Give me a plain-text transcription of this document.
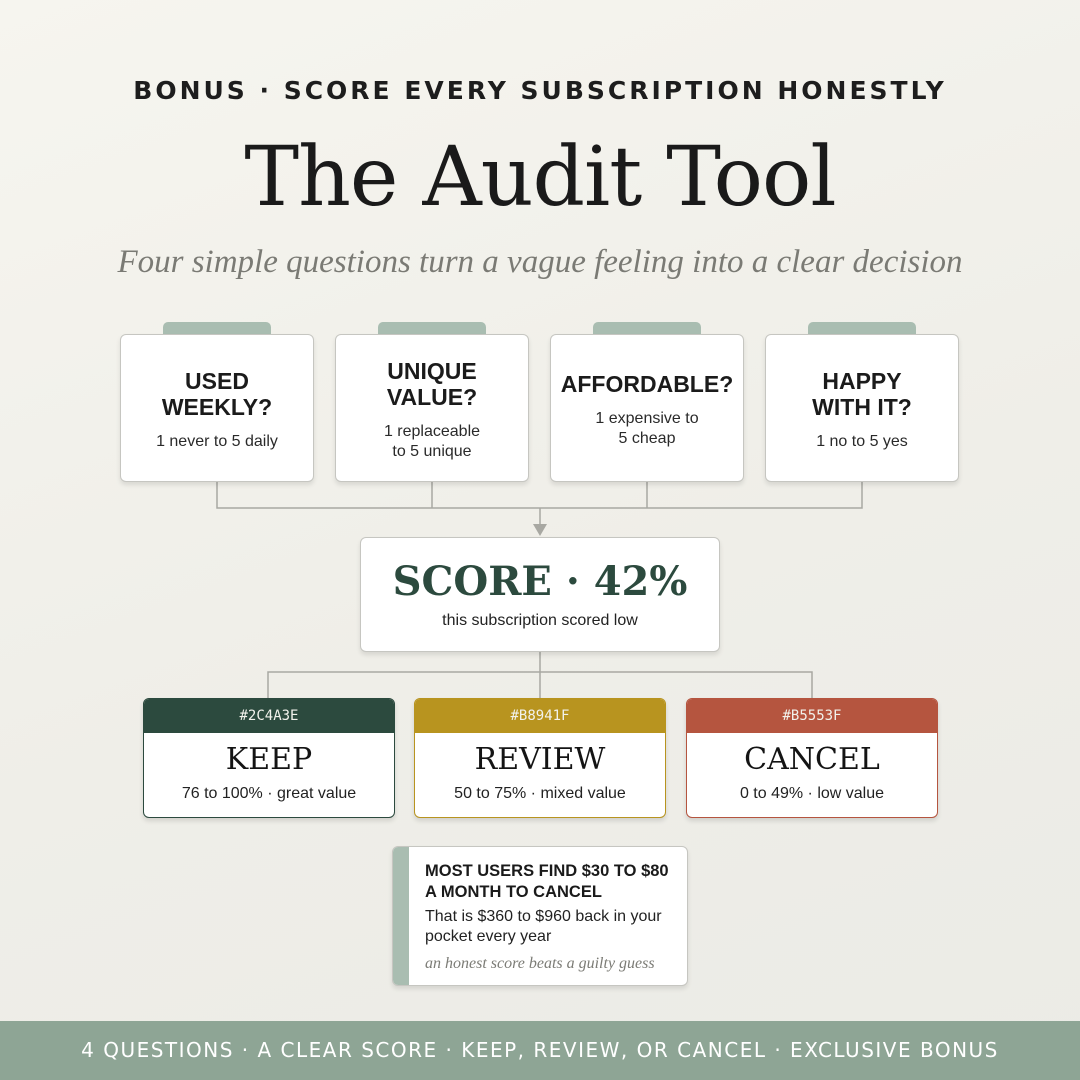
BONUS · SCORE EVERY SUBSCRIPTION HONESTLY
The Audit Tool
Four simple questions turn a vague feeling into a clear decision
USED
WEEKLY?
1 never to 5 daily
UNIQUE
VALUE?
1 replaceable
to 5 unique
AFFORDABLE?
1 expensive to
5 cheap
HAPPY
WITH IT?
1 no to 5 yes
SCORE · 42%
this subscription scored low
#2C4A3E
KEEP
76 to 100% · great value
#B8941F
REVIEW
50 to 75% · mixed value
#B5553F
CANCEL
0 to 49% · low value
MOST USERS FIND $30 TO $80 A MONTH TO CANCEL
That is $360 to $960 back in your pocket every year
an honest score beats a guilty guess
4 QUESTIONS · A CLEAR SCORE · KEEP, REVIEW, OR CANCEL · EXCLUSIVE BONUS
